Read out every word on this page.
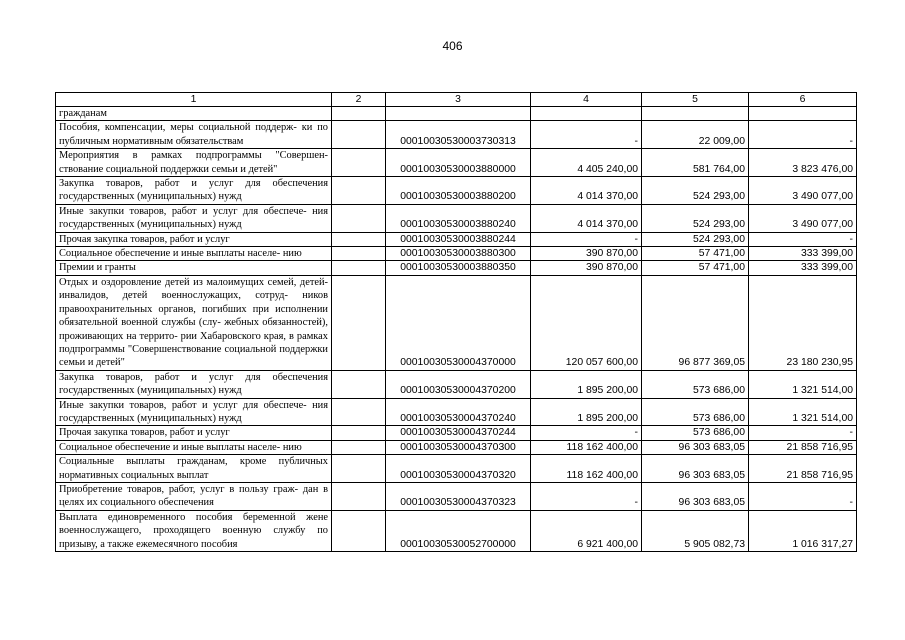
406
1	2	3	4	5	6
гражданам					
Пособия, компенсации, меры социальной поддерж- ки по публичным нормативным обязательствам		00010030530003730313	-	22 009,00	-
Мероприятия в рамках подпрограммы "Совершен- ствование социальной поддержки семьи и детей"		00010030530003880000	4 405 240,00	581 764,00	3 823 476,00
Закупка товаров, работ и услуг для обеспечения государственных (муниципальных) нужд		00010030530003880200	4 014 370,00	524 293,00	3 490 077,00
Иные закупки товаров, работ и услуг для обеспече- ния государственных (муниципальных) нужд		00010030530003880240	4 014 370,00	524 293,00	3 490 077,00
Прочая закупка товаров, работ и услуг		00010030530003880244	-	524 293,00	-
Социальное обеспечение и иные выплаты населе- нию		00010030530003880300	390 870,00	57 471,00	333 399,00
Премии и гранты		00010030530003880350	390 870,00	57 471,00	333 399,00
Отдых и оздоровление детей из малоимущих семей, детей-инвалидов, детей военнослужащих, сотруд- ников правоохранительных органов, погибших при исполнении обязательной военной службы (слу- жебных обязанностей), проживающих на террито- рии Хабаровского края, в рамках подпрограммы "Совершенствование социальной поддержки семьи и детей"		00010030530004370000	120 057 600,00	96 877 369,05	23 180 230,95
Закупка товаров, работ и услуг для обеспечения государственных (муниципальных) нужд		00010030530004370200	1 895 200,00	573 686,00	1 321 514,00
Иные закупки товаров, работ и услуг для обеспече- ния государственных (муниципальных) нужд		00010030530004370240	1 895 200,00	573 686,00	1 321 514,00
Прочая закупка товаров, работ и услуг		00010030530004370244	-	573 686,00	-
Социальное обеспечение и иные выплаты населе- нию		00010030530004370300	118 162 400,00	96 303 683,05	21 858 716,95
Социальные выплаты гражданам, кроме публичных нормативных социальных выплат		00010030530004370320	118 162 400,00	96 303 683,05	21 858 716,95
Приобретение товаров, работ, услуг в пользу граж- дан в целях их социального обеспечения		00010030530004370323	-	96 303 683,05	-
Выплата единовременного пособия беременной жене военнослужащего, проходящего военную службу по призыву, а также ежемесячного пособия		00010030530052700000	6 921 400,00	5 905 082,73	1 016 317,27
